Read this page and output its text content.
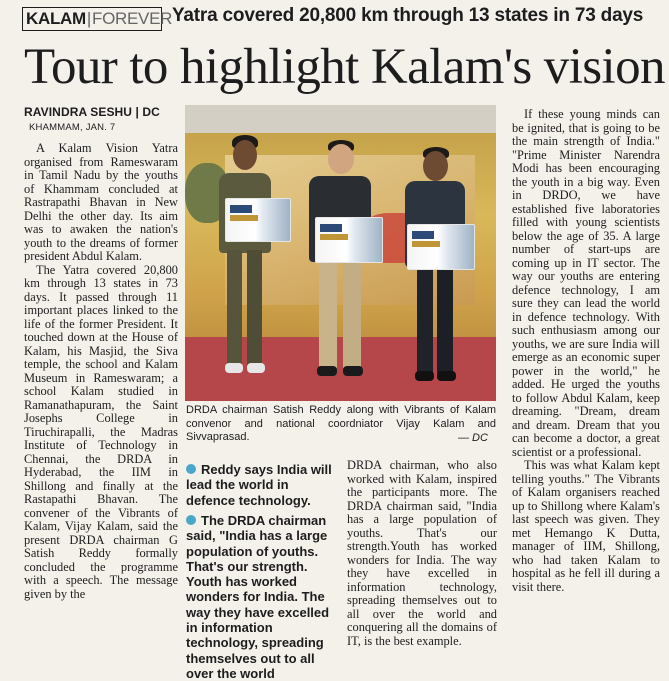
KALAM | FOREVER Yatra covered 20,800 km through 13 states in 73 days
Tour to highlight Kalam's vision
RAVINDRA SESHU | DC
KHAMMAM, JAN. 7

A Kalam Vision Yatra organised from Rameswaram in Tamil Nadu by the youths of Khammam concluded at Rastrapathi Bhavan in New Delhi the other day. Its aim was to awaken the nation's youth to the dreams of former president Abdul Kalam.

The Yatra covered 20,800 km through 13 states in 73 days. It passed through 11 important places linked to the life of the former President. It touched down at the House of Kalam, his Masjid, the Siva temple, the school and Kalam Museum in Rameswaram; a school Kalam studied in Ramanathapuram, the Saint Josephs College in Tiruchirapalli, the Madras Institute of Technology in Chennai, the DRDA in Hyderabad, the IIM in Shillong and finally at the Rastapathi Bhavan. The convener of the Vibrants of Kalam, Vijay Kalam, said the present DRDA chairman G Satish Reddy formally concluded the programme with a speech. The message given by the

DRDA chairman Satish Reddy along with Vibrants of Kalam convenor and national coordniator Vijay Kalam and Sivvaprasad.	— DC
Reddy says India will lead the world in defence technology.
The DRDA chairman said, "India has a large population of youths. That's our strength. Youth has worked wonders for India. The way they have excelled in information technology, spreading themselves out to all over the world

DRDA chairman, who also worked with Kalam, inspired the participants more. The DRDA chairman said, "India has a large population of youths. That's our strength.Youth has worked wonders for India. The way they have excelled in information technology, spreading themselves out to all over the world and conquering all the domains of IT, is the best example.

If these young minds can be ignited, that is going to be the main strength of India." "Prime Minister Narendra Modi has been encouraging the youth in a big way. Even in DRDO, we have established five laboratories filled with young scientists below the age of 35. A large number of start-ups are coming up in IT sector. The way our youths are entering defence technology, I am sure they can lead the world in defence technology. With such enthusiasm among our youths, we are sure India will emerge as an economic super power in the world," he added. He urged the youths to follow Abdul Kalam, keep dreaming. "Dream, dream and dream. Dream that you can become a doctor, a great scientist or a professional.

This was what Kalam kept telling youths." The Vibrants of Kalam organisers reached up to Shillong where Kalam's last speech was given. They met Hemango K Dutta, manager of IIM, Shillong, who had taken Kalam to hospital as he fell ill during a visit there.
